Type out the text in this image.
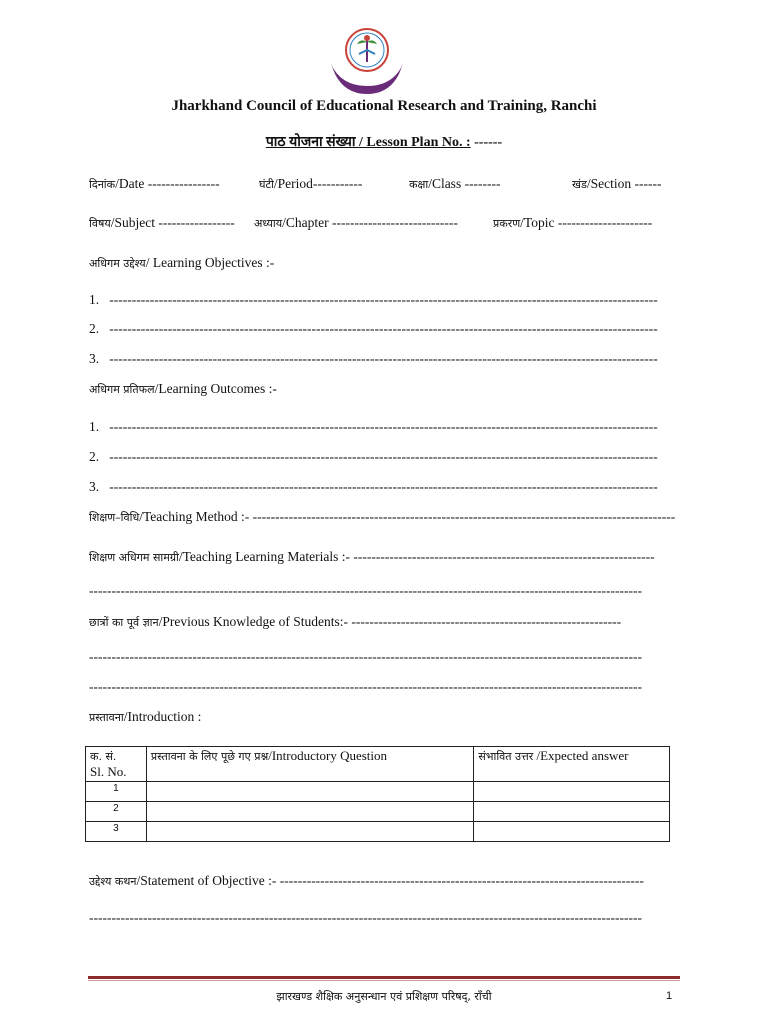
Jharkhand Council of Educational Research and Training, Ranchi
पाठ योजना संख्या / Lesson Plan No. : ------
दिनांक/Date ----------------	घंटी/Period-----------	कक्षा/Class --------	खंड/Section ------
विषय/Subject ----------------- अध्याय/Chapter ----------------------------	प्रकरण/Topic ---------------------
अधिगम उद्देश्य/ Learning Objectives :-
1.   --------------------------------------------------------------------------------------------------------------------------
2.   --------------------------------------------------------------------------------------------------------------------------
3.   --------------------------------------------------------------------------------------------------------------------------
अधिगम प्रतिफल/Learning Outcomes :-
1.   --------------------------------------------------------------------------------------------------------------------------
2.   --------------------------------------------------------------------------------------------------------------------------
3.   --------------------------------------------------------------------------------------------------------------------------
शिक्षण–विधि/Teaching Method :- ----------------------------------------------------------------------------------------------
शिक्षण अधिगम सामग्री/Teaching Learning Materials :- -------------------------------------------------------------------
---------------------------------------------------------------------------------------------------------------------------
छात्रों का पूर्व ज्ञान/Previous Knowledge of Students:- ------------------------------------------------------------
---------------------------------------------------------------------------------------------------------------------------
---------------------------------------------------------------------------------------------------------------------------
प्रस्तावना/Introduction :
क. सं.
Sl. No.	प्रस्तावना के लिए पूछे गए प्रश्न/Introductory Question	संभावित उत्तर /Expected answer
1		
2		
3		
उद्देश्य कथन/Statement of Objective :- ---------------------------------------------------------------------------------
---------------------------------------------------------------------------------------------------------------------------
झारखण्ड शैक्षिक अनुसन्धान एवं प्रशिक्षण परिषद्, राँची	1
